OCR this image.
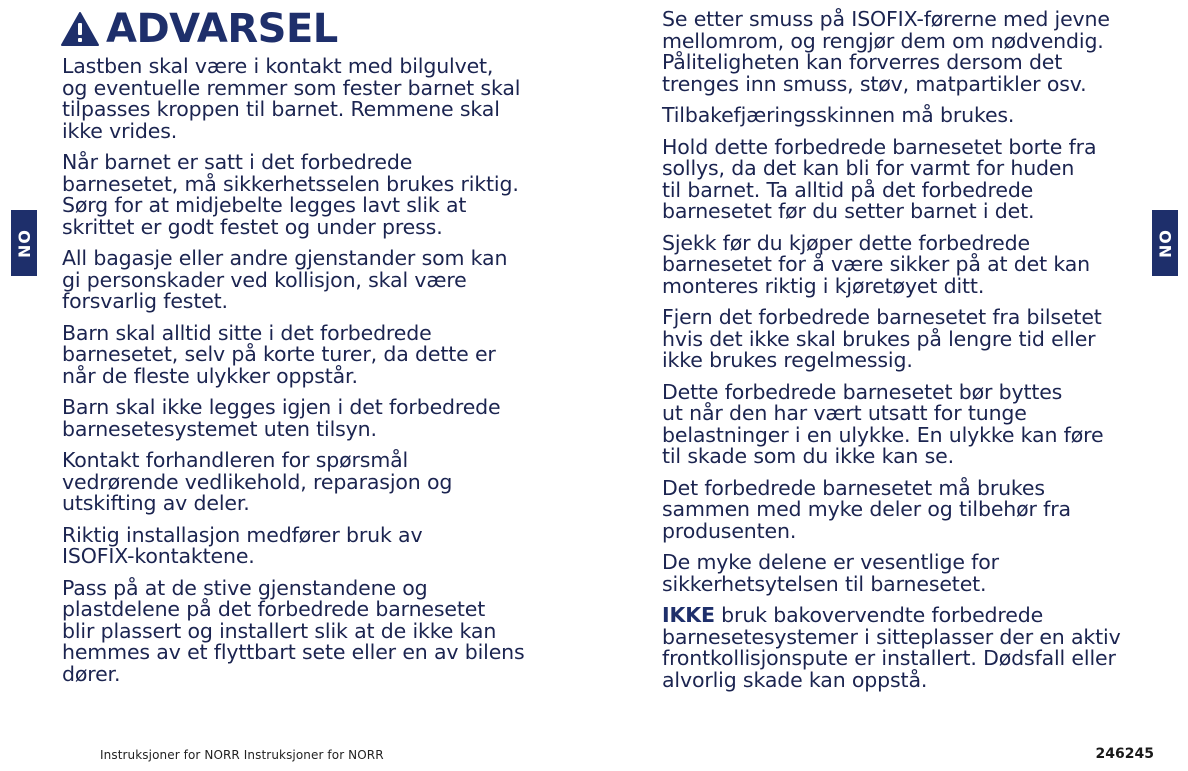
ADVARSEL

Lastben skal være i kontakt med bilgulvet,
og eventuelle remmer som fester barnet skal
tilpasses kroppen til barnet. Remmene skal
ikke vrides.

Når barnet er satt i det forbedrede
barnesetet, må sikkerhetsselen brukes riktig.
Sørg for at midjebelte legges lavt slik at
skrittet er godt festet og under press.

All bagasje eller andre gjenstander som kan
gi personskader ved kollisjon, skal være
forsvarlig festet.

Barn skal alltid sitte i det forbedrede
barnesetet, selv på korte turer, da dette er
når de fleste ulykker oppstår.

Barn skal ikke legges igjen i det forbedrede
barnesetesystemet uten tilsyn.

Kontakt forhandleren for spørsmål
vedrørende vedlikehold, reparasjon og
utskifting av deler.

Riktig installasjon medfører bruk av
ISOFIX-kontaktene.

Pass på at de stive gjenstandene og
plastdelene på det forbedrede barnesetet
blir plassert og installert slik at de ikke kan
hemmes av et flyttbart sete eller en av bilens
dører.

Se etter smuss på ISOFIX-førerne med jevne
mellomrom, og rengjør dem om nødvendig.
Påliteligheten kan forverres dersom det
trenges inn smuss, støv, matpartikler osv.

Tilbakefjæringsskinnen må brukes.

Hold dette forbedrede barnesetet borte fra
sollys, da det kan bli for varmt for huden
til barnet. Ta alltid på det forbedrede
barnesetet før du setter barnet i det.

Sjekk før du kjøper dette forbedrede
barnesetet for å være sikker på at det kan
monteres riktig i kjøretøyet ditt.

Fjern det forbedrede barnesetet fra bilsetet
hvis det ikke skal brukes på lengre tid eller
ikke brukes regelmessig.

Dette forbedrede barnesetet bør byttes
ut når den har vært utsatt for tunge
belastninger i en ulykke. En ulykke kan føre
til skade som du ikke kan se.

Det forbedrede barnesetet må brukes
sammen med myke deler og tilbehør fra
produsenten.

De myke delene er vesentlige for
sikkerhetsytelsen til barnesetet.

IKKE bruk bakovervendte forbedrede
barnesetesystemer i sitteplasser der en aktiv
frontkollisjonspute er installert. Dødsfall eller
alvorlig skade kan oppstå.

NO	NO
Instruksjoner for NORR Instruksjoner for NORR	246245
